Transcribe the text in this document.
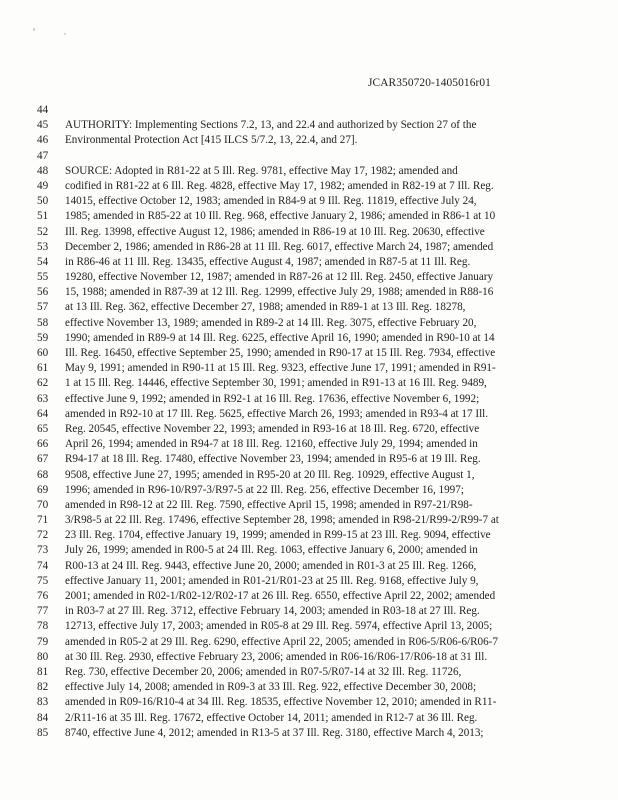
JCAR350720-1405016r01
44
45	AUTHORITY: Implementing Sections 7.2, 13, and 22.4 and authorized by Section 27 of the
46	Environmental Protection Act [415 ILCS 5/7.2, 13, 22.4, and 27].
47
48	SOURCE: Adopted in R81-22 at 5 Ill. Reg. 9781, effective May 17, 1982; amended and
49	codified in R81-22 at 6 Ill. Reg. 4828, effective May 17, 1982; amended in R82-19 at 7 Ill. Reg.
50	14015, effective October 12, 1983; amended in R84-9 at 9 Ill. Reg. 11819, effective July 24,
51	1985; amended in R85-22 at 10 Ill. Reg. 968, effective January 2, 1986; amended in R86-1 at 10
52	Ill. Reg. 13998, effective August 12, 1986; amended in R86-19 at 10 Ill. Reg. 20630, effective
53	December 2, 1986; amended in R86-28 at 11 Ill. Reg. 6017, effective March 24, 1987; amended
54	in R86-46 at 11 Ill. Reg. 13435, effective August 4, 1987; amended in R87-5 at 11 Ill. Reg.
55	19280, effective November 12, 1987; amended in R87-26 at 12 Ill. Reg. 2450, effective January
56	15, 1988; amended in R87-39 at 12 Ill. Reg. 12999, effective July 29, 1988; amended in R88-16
57	at 13 Ill. Reg. 362, effective December 27, 1988; amended in R89-1 at 13 Ill. Reg. 18278,
58	effective November 13, 1989; amended in R89-2 at 14 Ill. Reg. 3075, effective February 20,
59	1990; amended in R89-9 at 14 Ill. Reg. 6225, effective April 16, 1990; amended in R90-10 at 14
60	Ill. Reg. 16450, effective September 25, 1990; amended in R90-17 at 15 Ill. Reg. 7934, effective
61	May 9, 1991; amended in R90-11 at 15 Ill. Reg. 9323, effective June 17, 1991; amended in R91-
62	1 at 15 Ill. Reg. 14446, effective September 30, 1991; amended in R91-13 at 16 Ill. Reg. 9489,
63	effective June 9, 1992; amended in R92-1 at 16 Ill. Reg. 17636, effective November 6, 1992;
64	amended in R92-10 at 17 Ill. Reg. 5625, effective March 26, 1993; amended in R93-4 at 17 Ill.
65	Reg. 20545, effective November 22, 1993; amended in R93-16 at 18 Ill. Reg. 6720, effective
66	April 26, 1994; amended in R94-7 at 18 Ill. Reg. 12160, effective July 29, 1994; amended in
67	R94-17 at 18 Ill. Reg. 17480, effective November 23, 1994; amended in R95-6 at 19 Ill. Reg.
68	9508, effective June 27, 1995; amended in R95-20 at 20 Ill. Reg. 10929, effective August 1,
69	1996; amended in R96-10/R97-3/R97-5 at 22 Ill. Reg. 256, effective December 16, 1997;
70	amended in R98-12 at 22 Ill. Reg. 7590, effective April 15, 1998; amended in R97-21/R98-
71	3/R98-5 at 22 Ill. Reg. 17496, effective September 28, 1998; amended in R98-21/R99-2/R99-7 at
72	23 Ill. Reg. 1704, effective January 19, 1999; amended in R99-15 at 23 Ill. Reg. 9094, effective
73	July 26, 1999; amended in R00-5 at 24 Ill. Reg. 1063, effective January 6, 2000; amended in
74	R00-13 at 24 Ill. Reg. 9443, effective June 20, 2000; amended in R01-3 at 25 Ill. Reg. 1266,
75	effective January 11, 2001; amended in R01-21/R01-23 at 25 Ill. Reg. 9168, effective July 9,
76	2001; amended in R02-1/R02-12/R02-17 at 26 Ill. Reg. 6550, effective April 22, 2002; amended
77	in R03-7 at 27 Ill. Reg. 3712, effective February 14, 2003; amended in R03-18 at 27 Ill. Reg.
78	12713, effective July 17, 2003; amended in R05-8 at 29 Ill. Reg. 5974, effective April 13, 2005;
79	amended in R05-2 at 29 Ill. Reg. 6290, effective April 22, 2005; amended in R06-5/R06-6/R06-7
80	at 30 Ill. Reg. 2930, effective February 23, 2006; amended in R06-16/R06-17/R06-18 at 31 Ill.
81	Reg. 730, effective December 20, 2006; amended in R07-5/R07-14 at 32 Ill. Reg. 11726,
82	effective July 14, 2008; amended in R09-3 at 33 Ill. Reg. 922, effective December 30, 2008;
83	amended in R09-16/R10-4 at 34 Ill. Reg. 18535, effective November 12, 2010; amended in R11-
84	2/R11-16 at 35 Ill. Reg. 17672, effective October 14, 2011; amended in R12-7 at 36 Ill. Reg.
85	8740, effective June 4, 2012; amended in R13-5 at 37 Ill. Reg. 3180, effective March 4, 2013;
